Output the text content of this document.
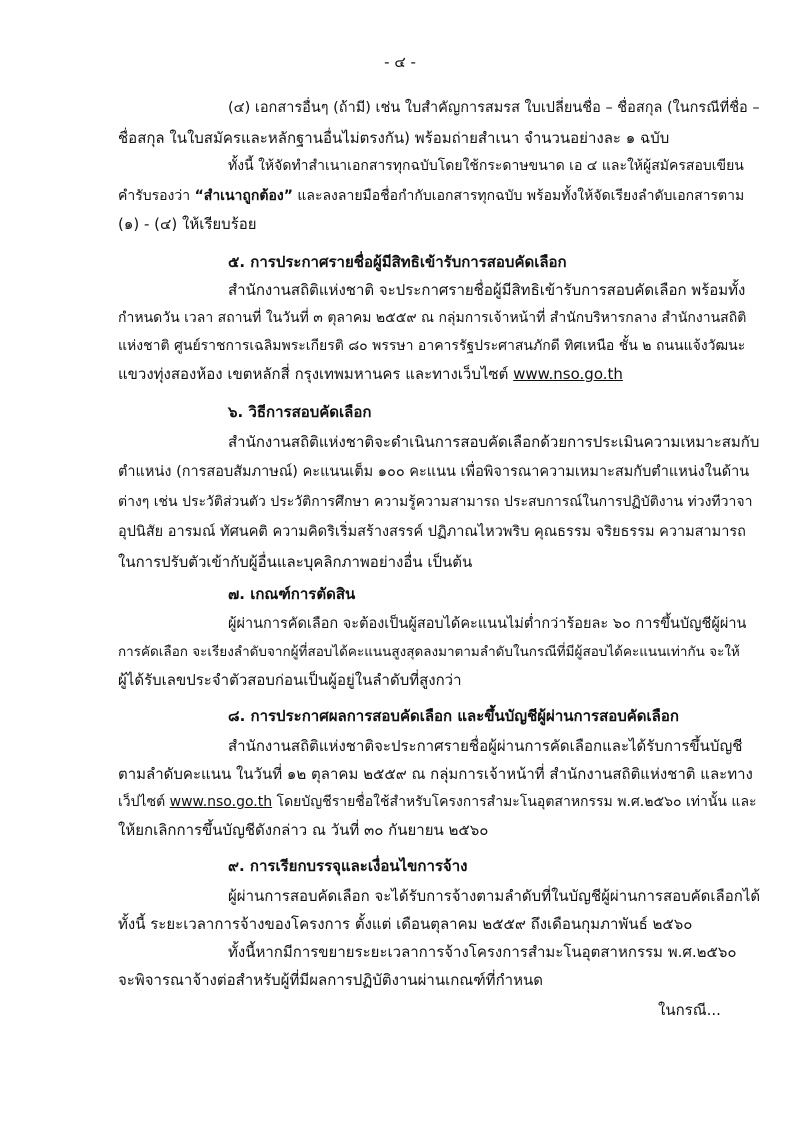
- ๔ -
(๔) เอกสารอื่นๆ (ถ้ามี) เช่น ใบสำคัญการสมรส ใบเปลี่ยนชื่อ – ชื่อสกุล (ในกรณีที่ชื่อ –
ชื่อสกุล ในใบสมัครและหลักฐานอื่นไม่ตรงกัน) พร้อมถ่ายสำเนา จำนวนอย่างละ ๑ ฉบับ
ทั้งนี้ ให้จัดทำสำเนาเอกสารทุกฉบับโดยใช้กระดาษขนาด เอ ๔ และให้ผู้สมัครสอบเขียน
คำรับรองว่า “สำเนาถูกต้อง” และลงลายมือชื่อกำกับเอกสารทุกฉบับ พร้อมทั้งให้จัดเรียงลำดับเอกสารตาม
(๑) - (๔) ให้เรียบร้อย
๕. การประกาศรายชื่อผู้มีสิทธิเข้ารับการสอบคัดเลือก
สำนักงานสถิติแห่งชาติ จะประกาศรายชื่อผู้มีสิทธิเข้ารับการสอบคัดเลือก พร้อมทั้ง
กำหนดวัน เวลา สถานที่ ในวันที่ ๓ ตุลาคม ๒๕๕๙ ณ กลุ่มการเจ้าหน้าที่ สำนักบริหารกลาง สำนักงานสถิติ
แห่งชาติ ศูนย์ราชการเฉลิมพระเกียรติ ๘๐ พรรษา อาคารรัฐประศาสนภักดี ทิศเหนือ ชั้น ๒ ถนนแจ้งวัฒนะ
แขวงทุ่งสองห้อง เขตหลักสี่ กรุงเทพมหานคร และทางเว็บไซต์ www.nso.go.th
๖. วิธีการสอบคัดเลือก
สำนักงานสถิติแห่งชาติจะดำเนินการสอบคัดเลือกด้วยการประเมินความเหมาะสมกับ
ตำแหน่ง (การสอบสัมภาษณ์) คะแนนเต็ม ๑๐๐ คะแนน เพื่อพิจารณาความเหมาะสมกับตำแหน่งในด้าน
ต่างๆ เช่น ประวัติส่วนตัว ประวัติการศึกษา ความรู้ความสามารถ ประสบการณ์ในการปฏิบัติงาน ท่วงทีวาจา
อุปนิสัย อารมณ์ ทัศนคติ ความคิดริเริ่มสร้างสรรค์ ปฏิภาณไหวพริบ คุณธรรม จริยธรรม ความสามารถ
ในการปรับตัวเข้ากับผู้อื่นและบุคลิกภาพอย่างอื่น เป็นต้น
๗. เกณฑ์การตัดสิน
ผู้ผ่านการคัดเลือก จะต้องเป็นผู้สอบได้คะแนนไม่ต่ำกว่าร้อยละ ๖๐ การขึ้นบัญชีผู้ผ่าน
การคัดเลือก จะเรียงลำดับจากผู้ที่สอบได้คะแนนสูงสุดลงมาตามลำดับในกรณีที่มีผู้สอบได้คะแนนเท่ากัน จะให้
ผู้ได้รับเลขประจำตัวสอบก่อนเป็นผู้อยู่ในลำดับที่สูงกว่า
๘. การประกาศผลการสอบคัดเลือก และขึ้นบัญชีผู้ผ่านการสอบคัดเลือก
สำนักงานสถิติแห่งชาติจะประกาศรายชื่อผู้ผ่านการคัดเลือกและได้รับการขึ้นบัญชี
ตามลำดับคะแนน ในวันที่ ๑๒ ตุลาคม ๒๕๕๙ ณ กลุ่มการเจ้าหน้าที่ สำนักงานสถิติแห่งชาติ และทาง
เว็ปไซต์ www.nso.go.th โดยบัญชีรายชื่อใช้สำหรับโครงการสำมะโนอุตสาหกรรม พ.ศ.๒๕๖๐ เท่านั้น และ
ให้ยกเลิกการขึ้นบัญชีดังกล่าว ณ วันที่ ๓๐ กันยายน ๒๕๖๐
๙. การเรียกบรรจุและเงื่อนไขการจ้าง
ผู้ผ่านการสอบคัดเลือก จะได้รับการจ้างตามลำดับที่ในบัญชีผู้ผ่านการสอบคัดเลือกได้
ทั้งนี้ ระยะเวลาการจ้างของโครงการ ตั้งแต่ เดือนตุลาคม ๒๕๕๙ ถึงเดือนกุมภาพันธ์ ๒๕๖๐
ทั้งนี้หากมีการขยายระยะเวลาการจ้างโครงการสำมะโนอุตสาหกรรม พ.ศ.๒๕๖๐
จะพิจารณาจ้างต่อสำหรับผู้ที่มีผลการปฏิบัติงานผ่านเกณฑ์ที่กำหนด
ในกรณี...
